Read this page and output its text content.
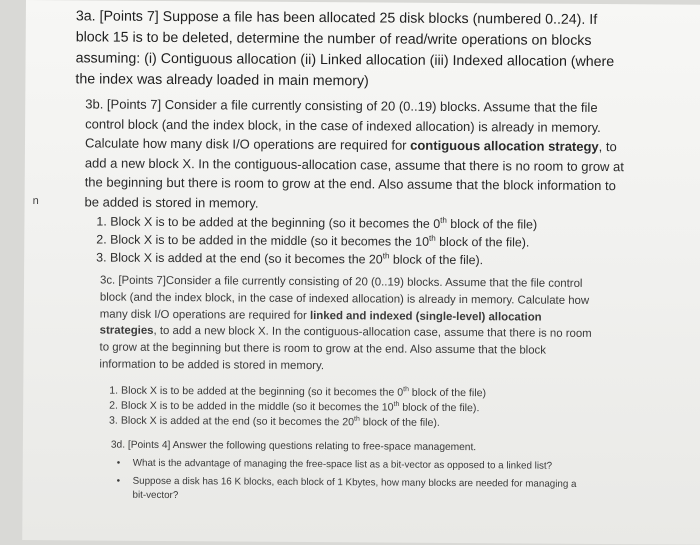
n

3a. [Points 7] Suppose a file has been allocated 25 disk blocks (numbered 0..24). If block 15 is to be deleted, determine the number of read/write operations on blocks assuming: (i) Contiguous allocation (ii) Linked allocation (iii) Indexed allocation (where the index was already loaded in main memory)

3b. [Points 7] Consider a file currently consisting of 20 (0..19) blocks. Assume that the file control block (and the index block, in the case of indexed allocation) is already in memory. Calculate how many disk I/O operations are required for contiguous allocation strategy, to add a new block X. In the contiguous-allocation case, assume that there is no room to grow at the beginning but there is room to grow at the end. Also assume that the block information to be added is stored in memory.

1. Block X is to be added at the beginning (so it becomes the 0th block of the file)
2. Block X is to be added in the middle (so it becomes the 10th block of the file).
3. Block X is added at the end (so it becomes the 20th block of the file).

3c. [Points 7]Consider a file currently consisting of 20 (0..19) blocks. Assume that the file control block (and the index block, in the case of indexed allocation) is already in memory. Calculate how many disk I/O operations are required for linked and indexed (single-level) allocation strategies, to add a new block X. In the contiguous-allocation case, assume that there is no room to grow at the beginning but there is room to grow at the end. Also assume that the block information to be added is stored in memory.

1. Block X is to be added at the beginning (so it becomes the 0th block of the file)
2. Block X is to be added in the middle (so it becomes the 10th block of the file).
3. Block X is added at the end (so it becomes the 20th block of the file).

3d. [Points 4] Answer the following questions relating to free-space management.

• What is the advantage of managing the free-space list as a bit-vector as opposed to a linked list?
• Suppose a disk has 16 K blocks, each block of 1 Kbytes, how many blocks are needed for managing a bit-vector?
